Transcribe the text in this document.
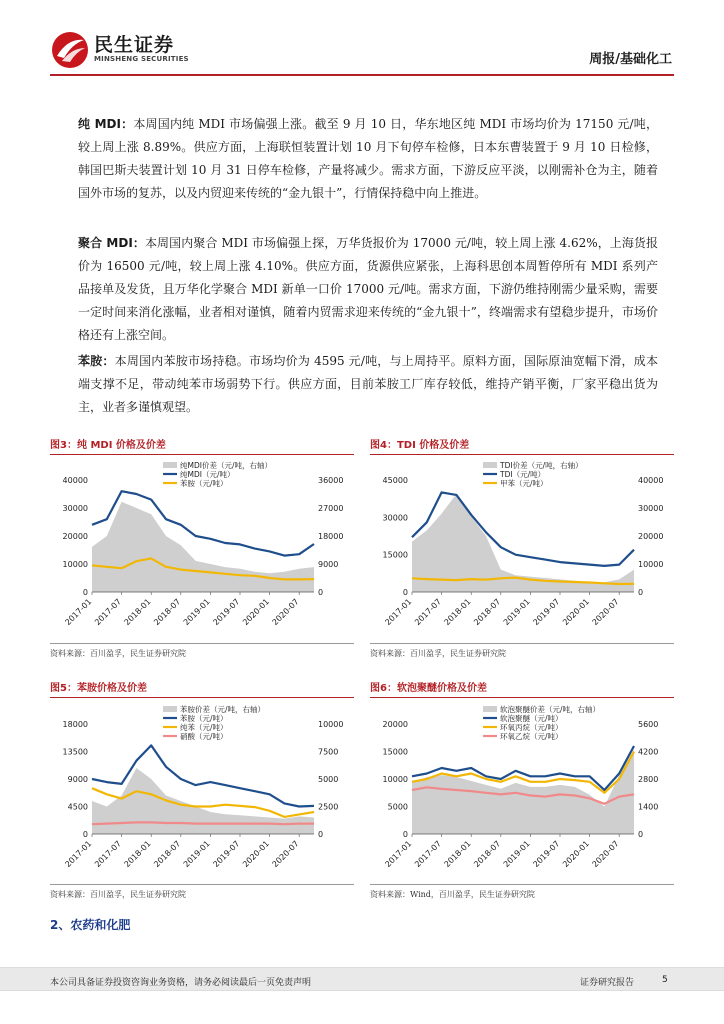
民生证券
MINSHENG SECURITIES	周报/基础化工

纯 MDI：本周国内纯 MDI 市场偏强上涨。截至 9 月 10 日，华东地区纯 MDI 市场均价为 17150 元/吨，较上周上涨 8.89%。供应方面，上海联恒装置计划 10 月下旬停车检修，日本东曹装置于 9 月 10 日检修，韩国巴斯夫装置计划 10 月 31 日停车检修，产量将减少。需求方面，下游反应平淡，以刚需补仓为主，随着国外市场的复苏，以及内贸迎来传统的“金九银十”，行情保持稳中向上推进。

聚合 MDI：本周国内聚合 MDI 市场偏强上探，万华货报价为 17000 元/吨，较上周上涨 4.62%，上海货报价为 16500 元/吨，较上周上涨 4.10%。供应方面，货源供应紧张，上海科思创本周暂停所有 MDI 系列产品接单及发货，且万华化学聚合 MDI 新单一口价 17000 元/吨。需求方面，下游仍维持刚需少量采购，需要一定时间来消化涨幅，业者相对谨慎，随着内贸需求迎来传统的“金九银十”，终端需求有望稳步提升，市场价格还有上涨空间。

苯胺：本周国内苯胺市场持稳。市场均价为 4595 元/吨，与上周持平。原料方面，国际原油宽幅下滑，成本端支撑不足，带动纯苯市场弱势下行。供应方面，目前苯胺工厂库存较低，维持产销平衡，厂家平稳出货为主，业者多谨慎观望。

图3：纯 MDI 价格及价差	图4：TDI 价格及价差
图5：苯胺价格及价差	图6：软泡聚醚价格及价差
0
10000
20000
30000
40000
0
9000
18000
27000
36000
2017-01 2017-07 2018-01 2018-07 2019-01 2019-07 2020-01 2020-07
纯MDI价差（元/吨，右轴）
纯MDI（元/吨）
苯胺（元/吨）
0
15000
30000
45000
0
10000
20000
30000
40000
2017-01 2017-07 2018-01 2018-07 2019-01 2019-07 2020-01 2020-07
TDI价差（元/吨，右轴）
TDI（元/吨）
甲苯（元/吨）
0
4500
9000
13500
18000
0
2500
5000
7500
10000
2017-01 2017-07 2018-01 2018-07 2019-01 2019-07 2020-01 2020-07
苯胺价差（元/吨，右轴）
苯胺（元/吨）
纯苯（元/吨）
硝酸（元/吨）
0
5000
10000
15000
20000
0
1400
2800
4200
5600
2017-01 2017-07 2018-01 2018-07 2019-01 2019-07 2020-01 2020-07
软泡聚醚价差（元/吨，右轴）
软泡聚醚（元/吨）
环氧丙烷（元/吨）
环氧乙烷（元/吨）
资料来源：百川盈孚，民生证券研究院	资料来源：百川盈孚，民生证券研究院
资料来源：百川盈孚，民生证券研究院	资料来源：Wind，百川盈孚，民生证券研究院
2、农药和化肥
本公司具备证券投资咨询业务资格，请务必阅读最后一页免责声明	证券研究报告	5
